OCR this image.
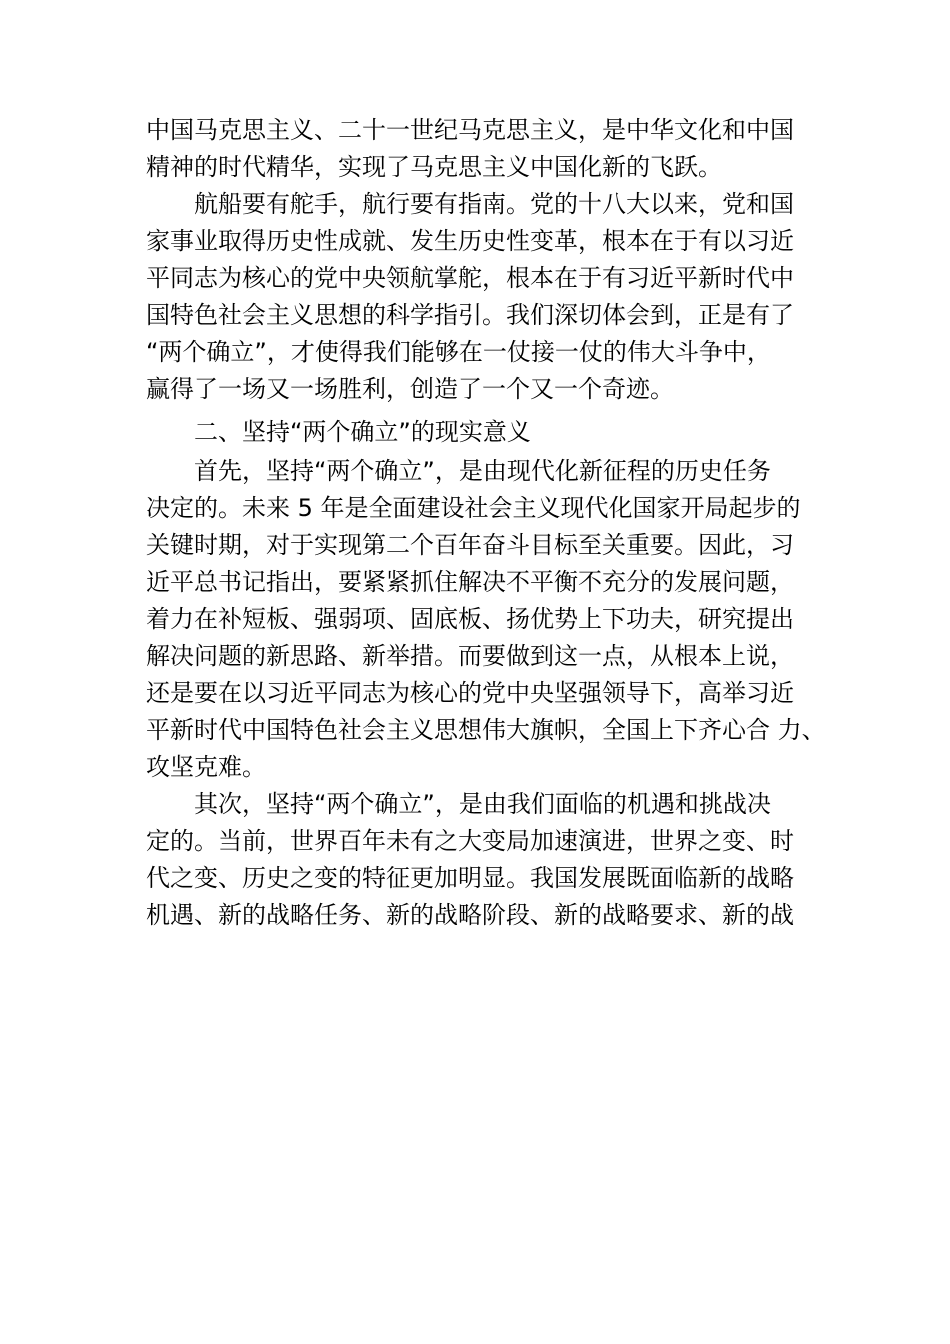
中国马克思主义、二十一世纪马克思主义，是中华文化和中国
精神的时代精华，实现了马克思主义中国化新的飞跃。
航船要有舵手，航行要有指南。党的十八大以来，党和国
家事业取得历史性成就、发生历史性变革，根本在于有以习近
平同志为核心的党中央领航掌舵，根本在于有习近平新时代中
国特色社会主义思想的科学指引。我们深切体会到，正是有了
“两个确立”，才使得我们能够在一仗接一仗的伟大斗争中，
赢得了一场又一场胜利，创造了一个又一个奇迹。
二、坚持“两个确立”的现实意义
首先，坚持“两个确立”，是由现代化新征程的历史任务
决定的。未来 5 年是全面建设社会主义现代化国家开局起步的
关键时期，对于实现第二个百年奋斗目标至关重要。因此，习
近平总书记指出，要紧紧抓住解决不平衡不充分的发展问题，
着力在补短板、强弱项、固底板、扬优势上下功夫，研究提出
解决问题的新思路、新举措。而要做到这一点，从根本上说，
还是要在以习近平同志为核心的党中央坚强领导下，高举习近
平新时代中国特色社会主义思想伟大旗帜，全国上下齐心合 力、
攻坚克难。
其次，坚持“两个确立”，是由我们面临的机遇和挑战决
定的。当前，世界百年未有之大变局加速演进，世界之变、时
代之变、历史之变的特征更加明显。我国发展既面临新的战略
机遇、新的战略任务、新的战略阶段、新的战略要求、新的战
